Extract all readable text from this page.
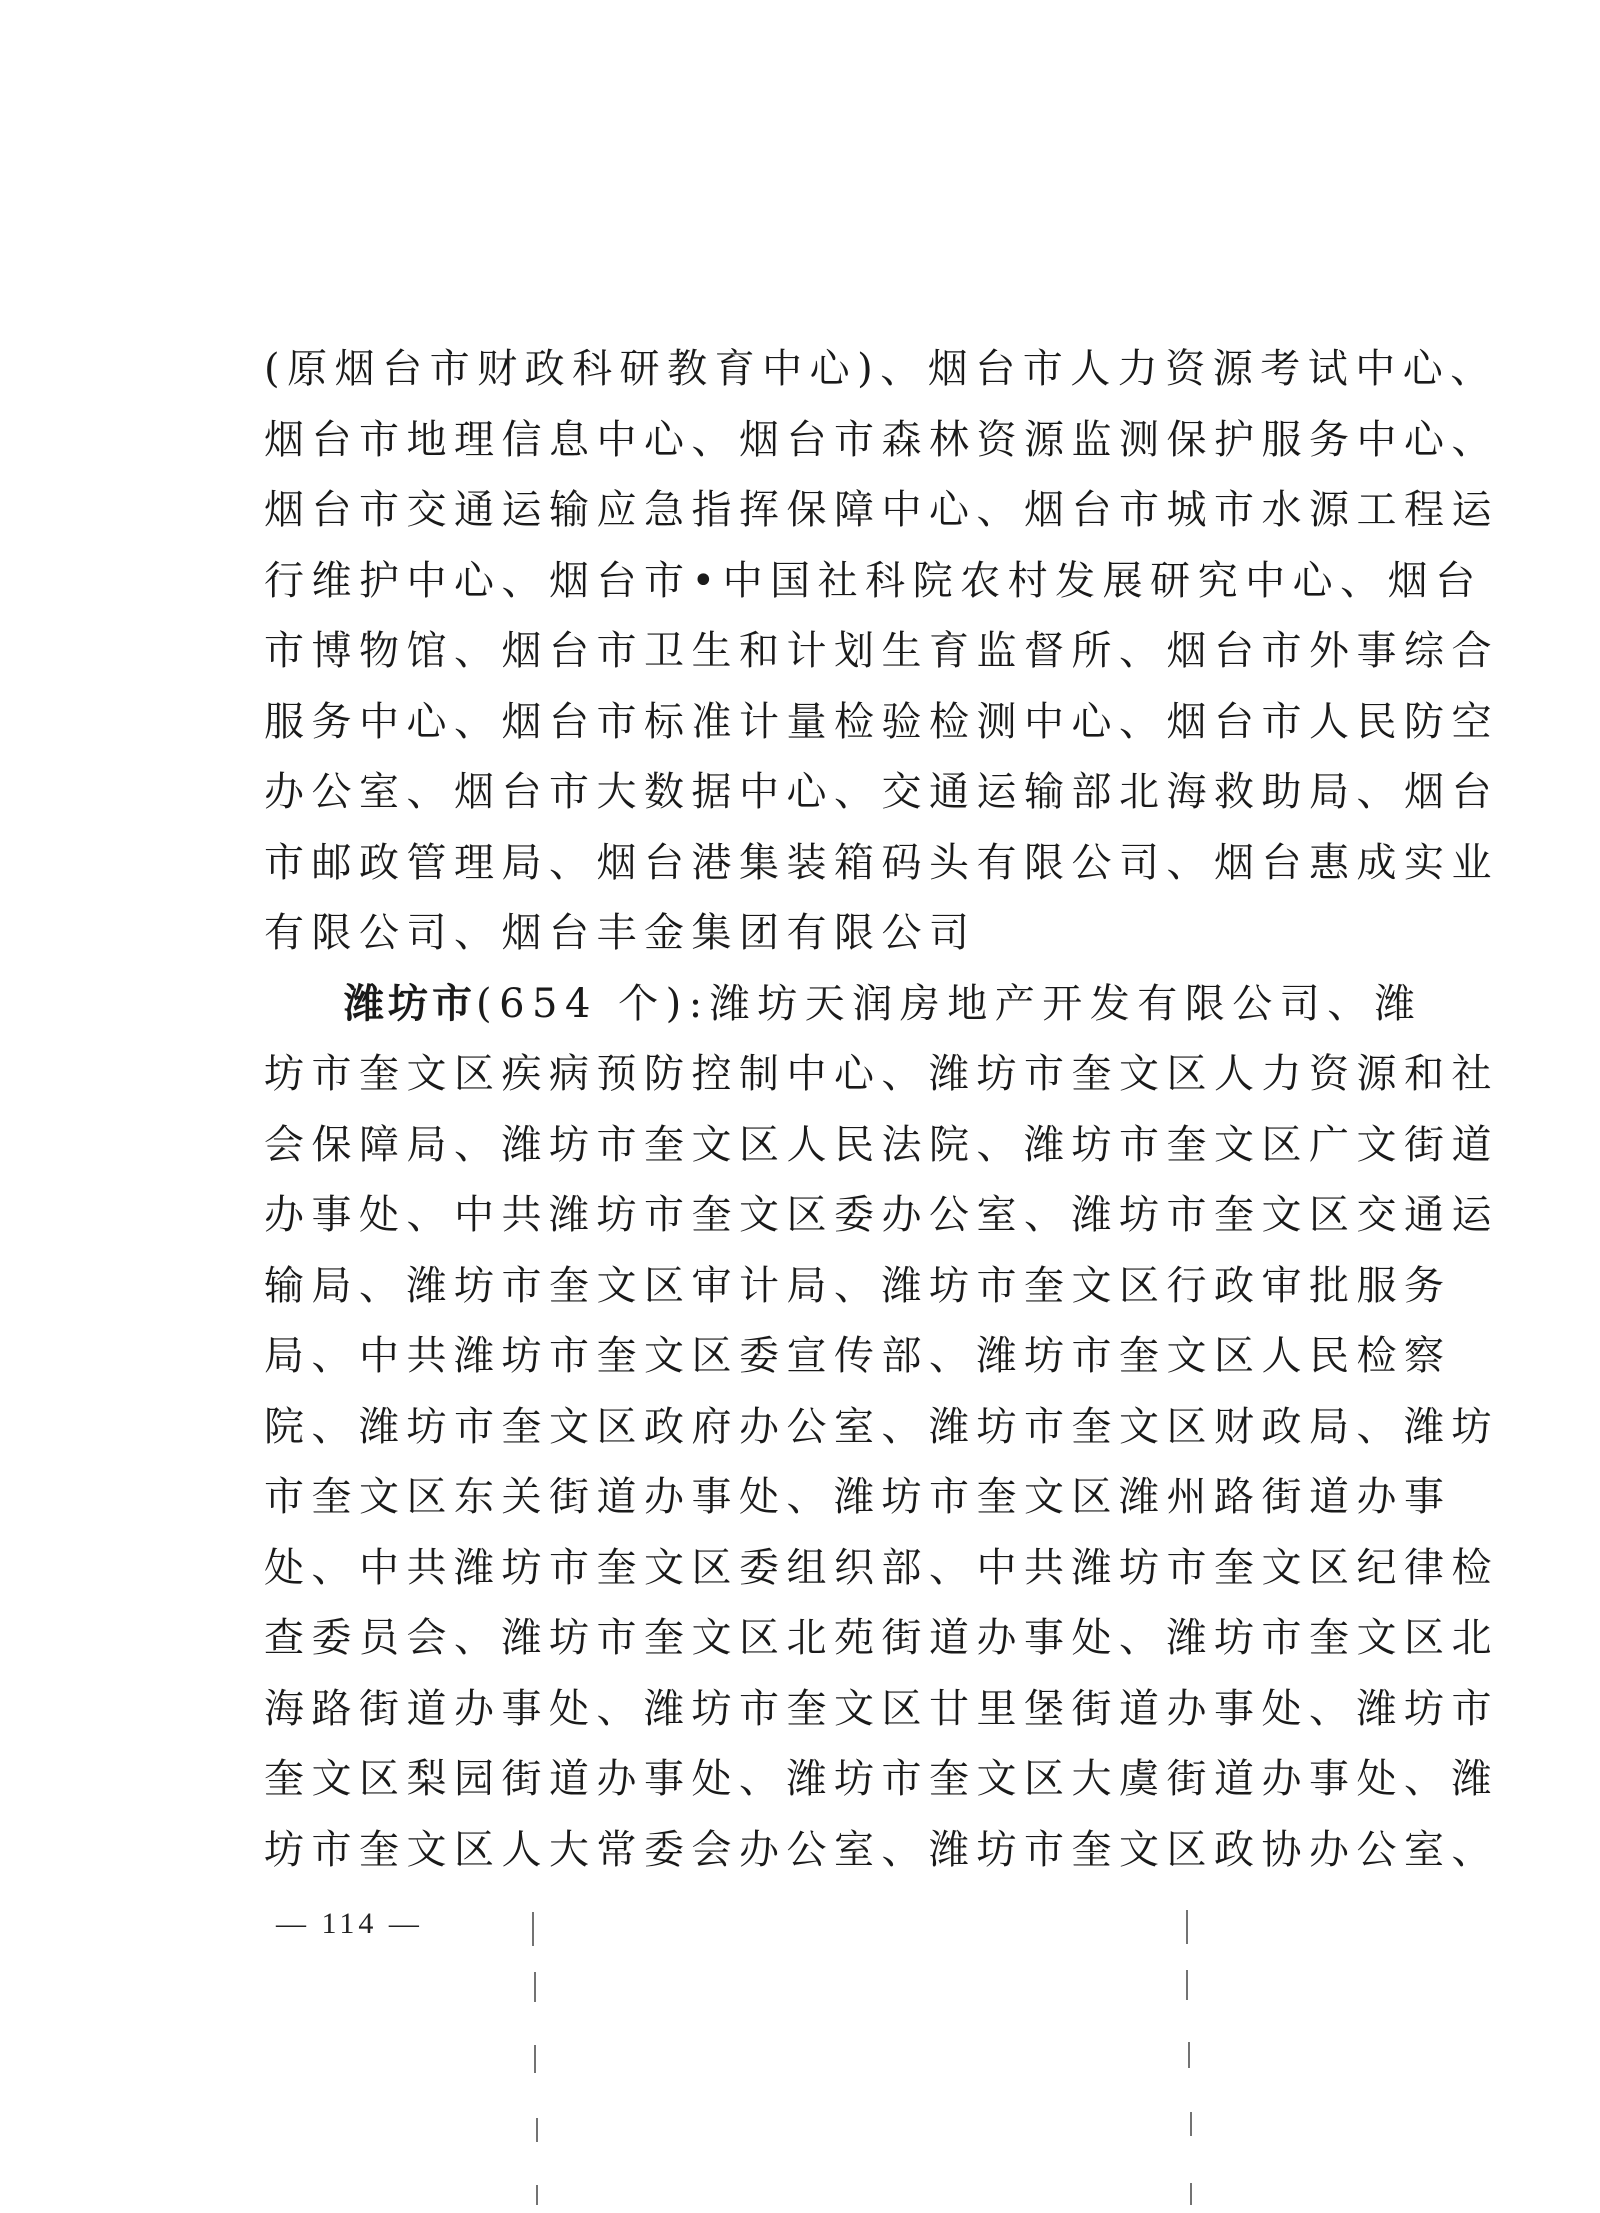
(原烟台市财政科研教育中心)、烟台市人力资源考试中心、
烟台市地理信息中心、烟台市森林资源监测保护服务中心、
烟台市交通运输应急指挥保障中心、烟台市城市水源工程运
行维护中心、烟台市•中国社科院农村发展研究中心、烟台
市博物馆、烟台市卫生和计划生育监督所、烟台市外事综合
服务中心、烟台市标准计量检验检测中心、烟台市人民防空
办公室、烟台市大数据中心、交通运输部北海救助局、烟台
市邮政管理局、烟台港集装箱码头有限公司、烟台惠成实业
有限公司、烟台丰金集团有限公司
潍坊市(654 个):潍坊天润房地产开发有限公司、潍
坊市奎文区疾病预防控制中心、潍坊市奎文区人力资源和社
会保障局、潍坊市奎文区人民法院、潍坊市奎文区广文街道
办事处、中共潍坊市奎文区委办公室、潍坊市奎文区交通运
输局、潍坊市奎文区审计局、潍坊市奎文区行政审批服务
局、中共潍坊市奎文区委宣传部、潍坊市奎文区人民检察
院、潍坊市奎文区政府办公室、潍坊市奎文区财政局、潍坊
市奎文区东关街道办事处、潍坊市奎文区潍州路街道办事
处、中共潍坊市奎文区委组织部、中共潍坊市奎文区纪律检
查委员会、潍坊市奎文区北苑街道办事处、潍坊市奎文区北
海路街道办事处、潍坊市奎文区廿里堡街道办事处、潍坊市
奎文区梨园街道办事处、潍坊市奎文区大虞街道办事处、潍
坊市奎文区人大常委会办公室、潍坊市奎文区政协办公室、
— 114 —
